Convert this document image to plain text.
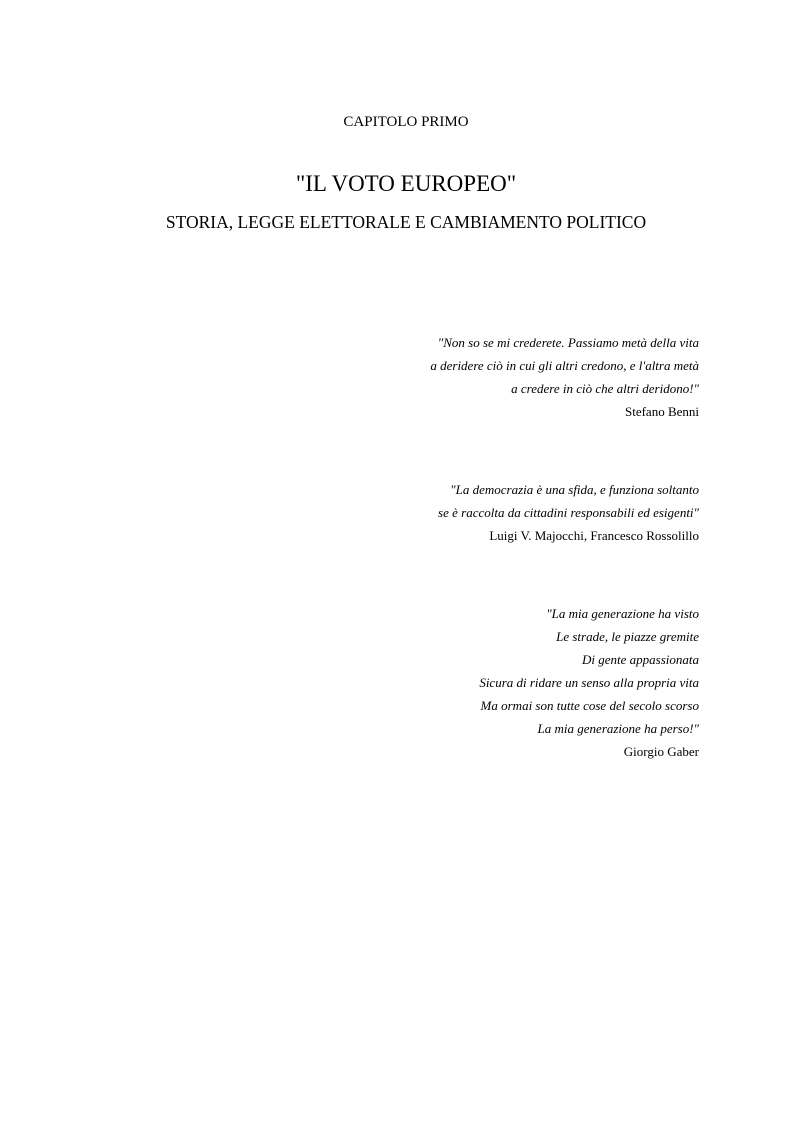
CAPITOLO PRIMO
"IL VOTO EUROPEO"
STORIA, LEGGE ELETTORALE E CAMBIAMENTO POLITICO
"Non so se mi crederete. Passiamo metà della vita
a deridere ciò in cui gli altri credono, e l'altra metà
a credere in ciò che altri deridono!"
Stefano Benni
"La democrazia è una sfida, e funziona soltanto
se è raccolta da cittadini responsabili ed esigenti"
Luigi V. Majocchi, Francesco Rossolillo
"La mia generazione ha visto
Le strade, le piazze gremite
Di gente appassionata
Sicura di ridare un senso alla propria vita
Ma ormai son tutte cose del secolo scorso
La mia generazione ha perso!"
Giorgio Gaber
